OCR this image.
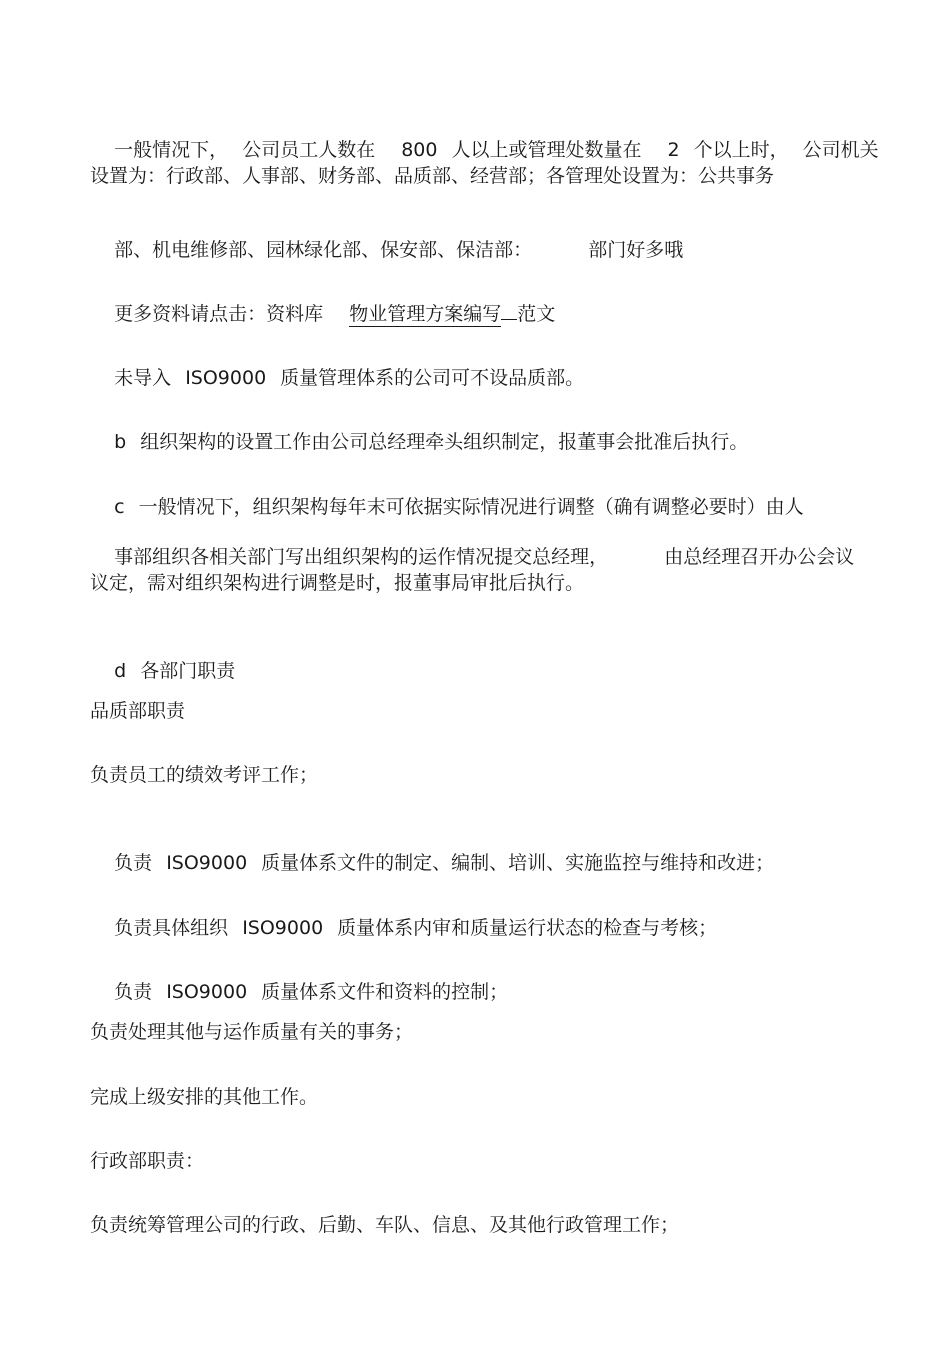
一般情况下， 公司员工人数在 800 人以上或管理处数量在 2 个以上时， 公司机关

设置为：行政部、人事部、财务部、品质部、经营部；各管理处设置为：公共事务

部、机电维修部、园林绿化部、保安部、保洁部：	部门好多哦

更多资料请点击：资料库 物业管理方案编写 范文

未导入 ISO9000 质量管理体系的公司可不设品质部。

b 组织架构的设置工作由公司总经理牵头组织制定，报董事会批准后执行。

c 一般情况下，组织架构每年末可依据实际情况进行调整（确有调整必要时）由人

事部组织各相关部门写出组织架构的运作情况提交总经理，	由总经理召开办公会议

议定，需对组织架构进行调整是时，报董事局审批后执行。

d 各部门职责

品质部职责
负责员工的绩效考评工作；

负责 ISO9000 质量体系文件的制定、编制、培训、实施监控与维持和改进；

负责具体组织 ISO9000 质量体系内审和质量运行状态的检查与考核；

负责 ISO9000 质量体系文件和资料的控制；

负责处理其他与运作质量有关的事务；
完成上级安排的其他工作。
行政部职责：
负责统筹管理公司的行政、后勤、车队、信息、及其他行政管理工作；
